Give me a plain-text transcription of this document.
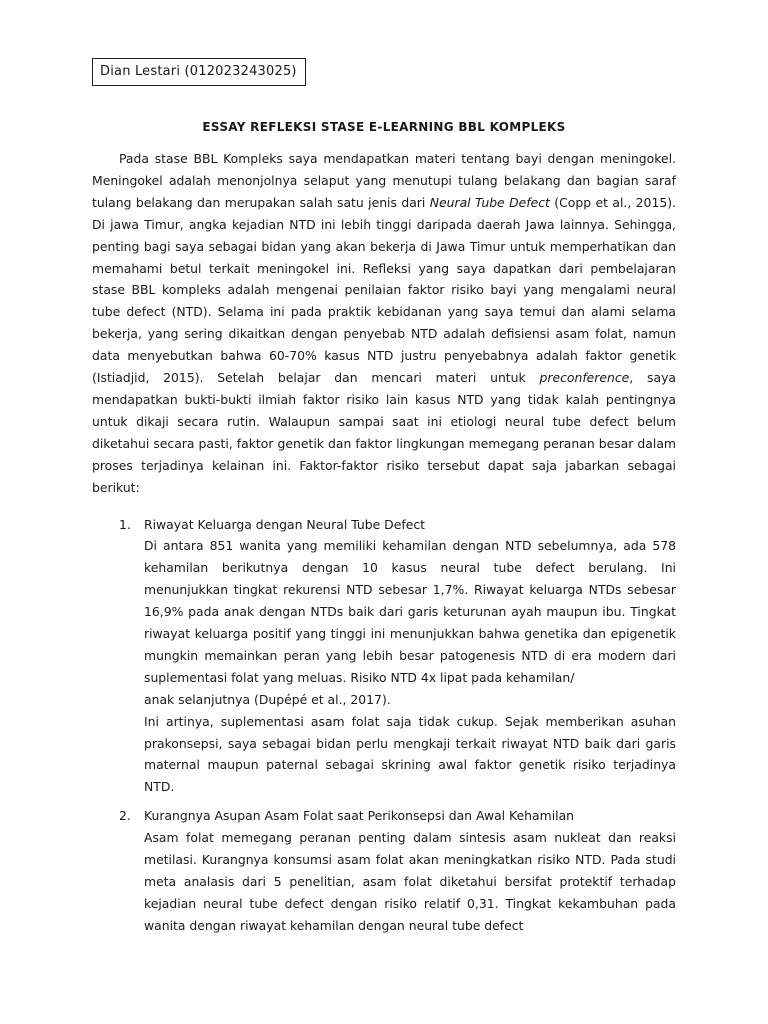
Dian Lestari (012023243025)
ESSAY REFLEKSI STASE E-LEARNING BBL KOMPLEKS

Pada stase BBL Kompleks saya mendapatkan materi tentang bayi dengan meningokel. Meningokel adalah menonjolnya selaput yang menutupi tulang belakang dan bagian saraf tulang belakang dan merupakan salah satu jenis dari Neural Tube Defect (Copp et al., 2015). Di jawa Timur, angka kejadian NTD ini lebih tinggi daripada daerah Jawa lainnya. Sehingga, penting bagi saya sebagai bidan yang akan bekerja di Jawa Timur untuk memperhatikan dan memahami betul terkait meningokel ini. Refleksi yang saya dapatkan dari pembelajaran stase BBL kompleks adalah mengenai penilaian faktor risiko bayi yang mengalami neural tube defect (NTD). Selama ini pada praktik kebidanan yang saya temui dan alami selama bekerja, yang sering dikaitkan dengan penyebab NTD adalah defisiensi asam folat, namun data menyebutkan bahwa 60-70% kasus NTD justru penyebabnya adalah faktor genetik (Istiadjid, 2015). Setelah belajar dan mencari materi untuk preconference, saya mendapatkan bukti-bukti ilmiah faktor risiko lain kasus NTD yang tidak kalah pentingnya untuk dikaji secara rutin. Walaupun sampai saat ini etiologi neural tube defect belum diketahui secara pasti, faktor genetik dan faktor lingkungan memegang peranan besar dalam proses terjadinya kelainan ini. Faktor-faktor risiko tersebut dapat saja jabarkan sebagai berikut:

1. Riwayat Keluarga dengan Neural Tube Defect

Di antara 851 wanita yang memiliki kehamilan dengan NTD sebelumnya, ada 578 kehamilan berikutnya dengan 10 kasus neural tube defect berulang. Ini menunjukkan tingkat rekurensi NTD sebesar 1,7%. Riwayat keluarga NTDs sebesar 16,9% pada anak dengan NTDs baik dari garis keturunan ayah maupun ibu. Tingkat riwayat keluarga positif yang tinggi ini menunjukkan bahwa genetika dan epigenetik mungkin memainkan peran yang lebih besar patogenesis NTD di era modern dari suplementasi folat yang meluas. Risiko NTD 4x lipat pada kehamilan/

anak selanjutnya (Dupépé et al., 2017).

Ini artinya, suplementasi asam folat saja tidak cukup. Sejak memberikan asuhan prakonsepsi, saya sebagai bidan perlu mengkaji terkait riwayat NTD baik dari garis maternal maupun paternal sebagai skrining awal faktor genetik risiko terjadinya NTD.

2. Kurangnya Asupan Asam Folat saat Perikonsepsi dan Awal Kehamilan

Asam folat memegang peranan penting dalam sintesis asam nukleat dan reaksi metilasi. Kurangnya konsumsi asam folat akan meningkatkan risiko NTD. Pada studi meta analasis dari 5 penelitian, asam folat diketahui bersifat protektif terhadap kejadian neural tube defect dengan risiko relatif 0,31. Tingkat kekambuhan pada wanita dengan riwayat kehamilan dengan neural tube defect
